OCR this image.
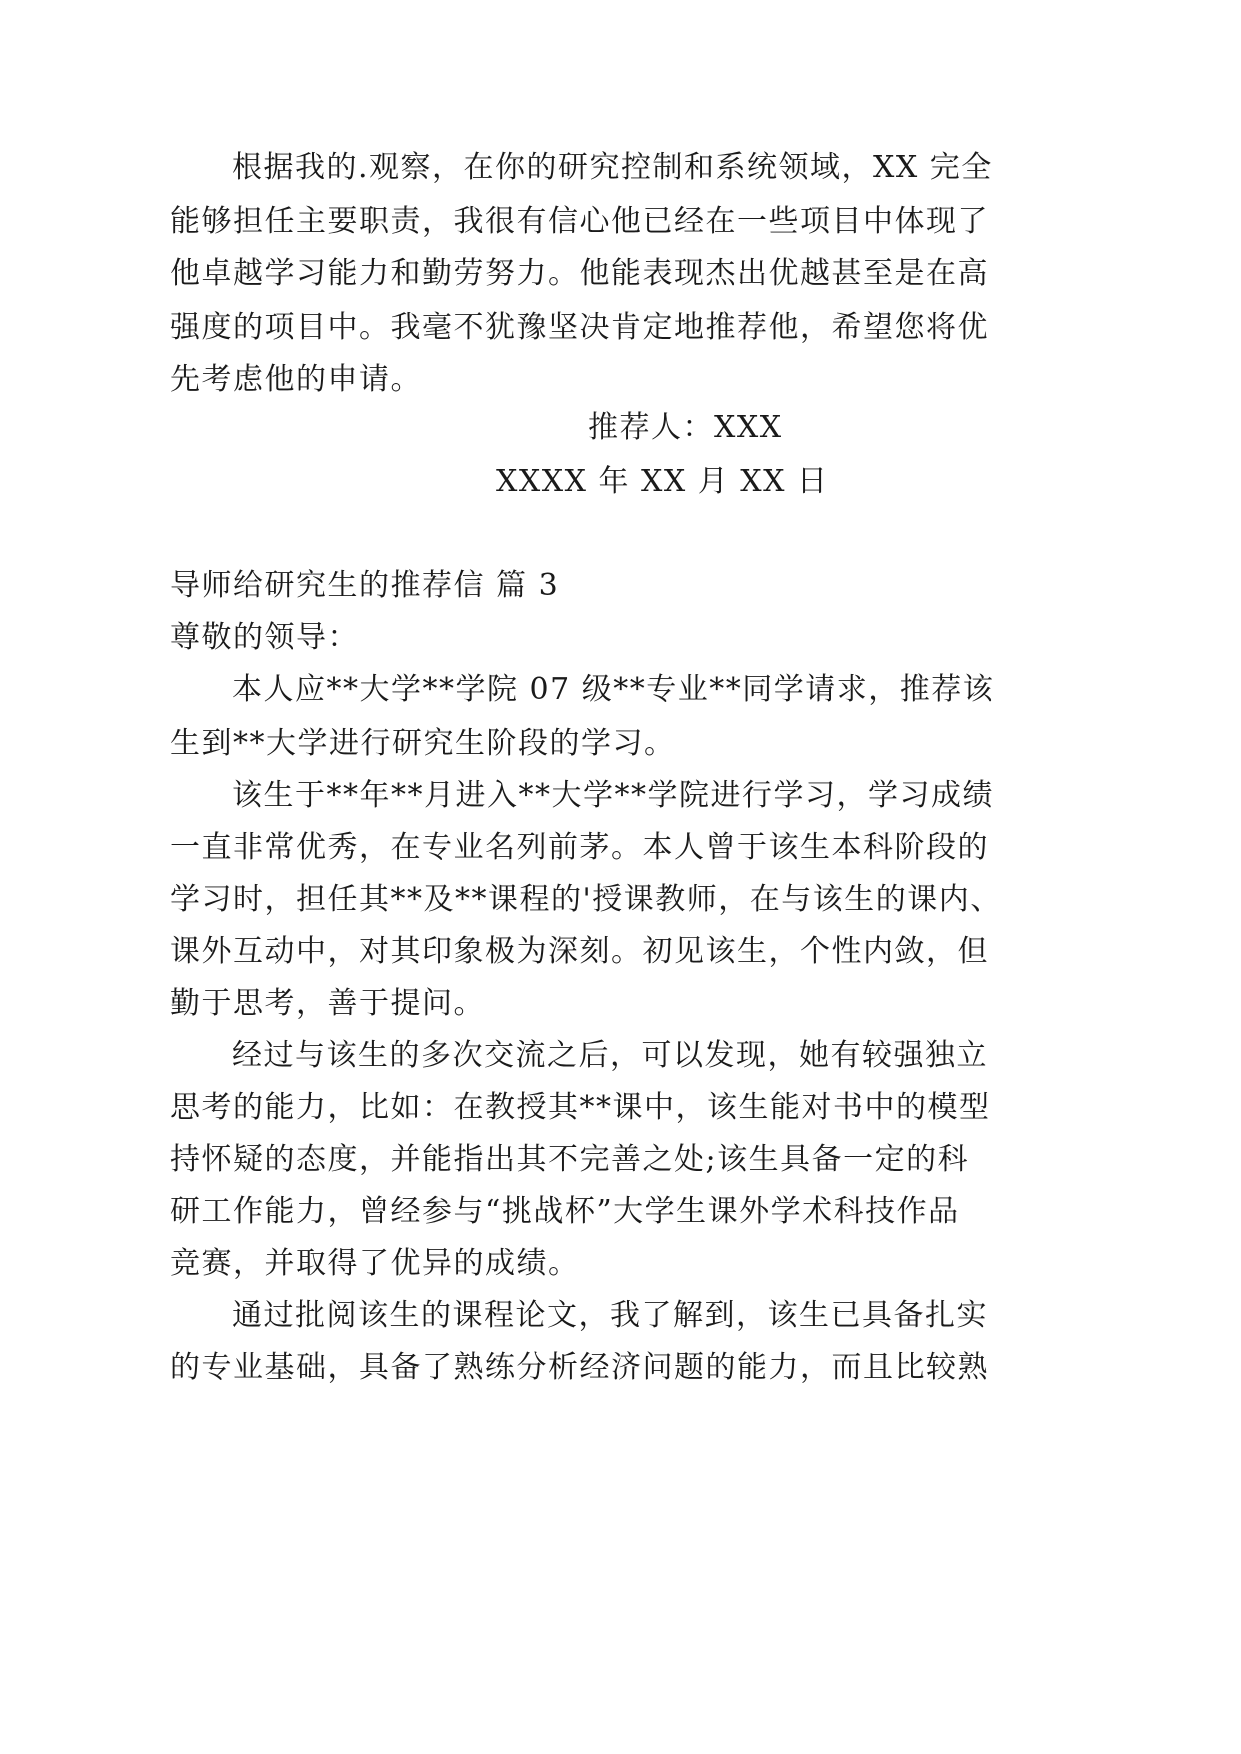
根据我的.观察，在你的研究控制和系统领域，XX 完全
能够担任主要职责，我很有信心他已经在一些项目中体现了
他卓越学习能力和勤劳努力。他能表现杰出优越甚至是在高
强度的项目中。我毫不犹豫坚决肯定地推荐他，希望您将优
先考虑他的申请。
推荐人：XXX
XXXX 年 XX 月 XX 日
导师给研究生的推荐信 篇 3
尊敬的领导：
本人应**大学**学院 07 级**专业**同学请求，推荐该
生到**大学进行研究生阶段的学习。
该生于**年**月进入**大学**学院进行学习，学习成绩
一直非常优秀，在专业名列前茅。本人曾于该生本科阶段的
学习时，担任其**及**课程的'授课教师，在与该生的课内、
课外互动中，对其印象极为深刻。初见该生，个性内敛，但
勤于思考，善于提问。
经过与该生的多次交流之后，可以发现，她有较强独立
思考的能力，比如：在教授其**课中，该生能对书中的模型
持怀疑的态度，并能指出其不完善之处;该生具备一定的科
研工作能力，曾经参与“挑战杯”大学生课外学术科技作品
竞赛，并取得了优异的成绩。
通过批阅该生的课程论文，我了解到，该生已具备扎实
的专业基础，具备了熟练分析经济问题的能力，而且比较熟
